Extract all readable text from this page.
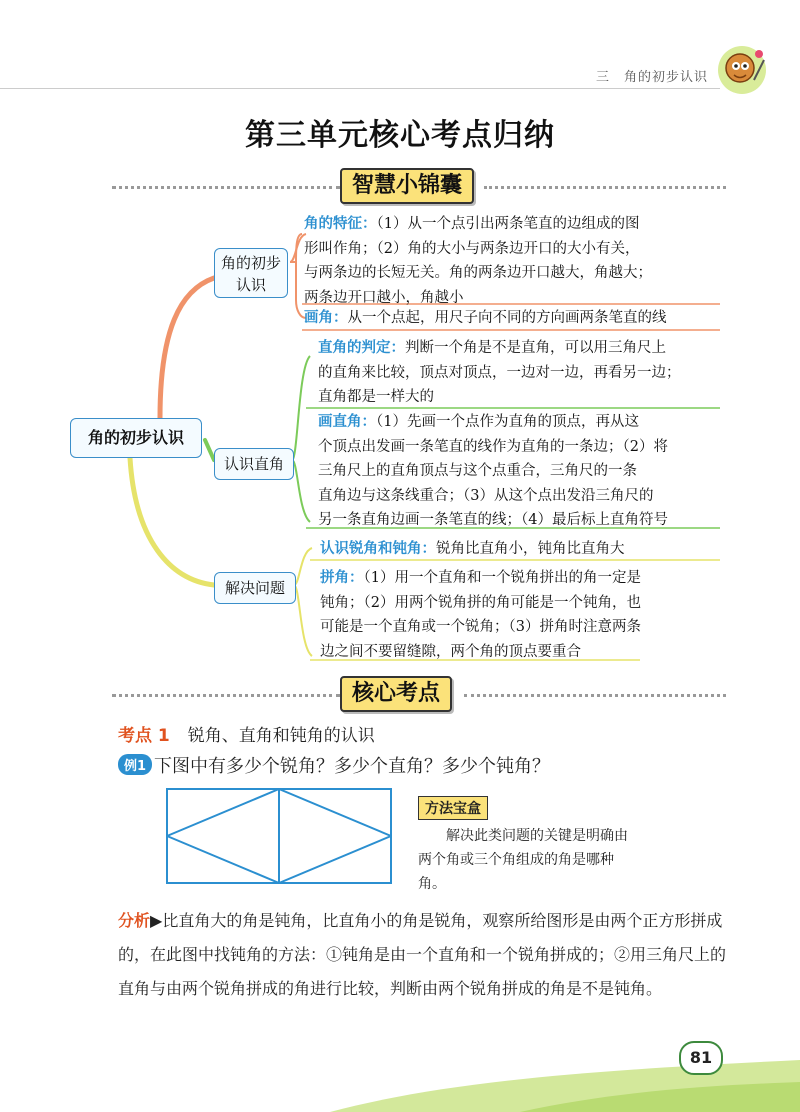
三　角的初步认识
第三单元核心考点归纳
智慧小锦囊
角的初步认识
角的初步认识
认识直角
解决问题
角的特征：（1）从一个点引出两条笔直的边组成的图
形叫作角；（2）角的大小与两条边开口的大小有关，
与两条边的长短无关。角的两条边开口越大，角越大；
两条边开口越小，角越小
画角：从一个点起，用尺子向不同的方向画两条笔直的线
直角的判定：判断一个角是不是直角，可以用三角尺上
的直角来比较，顶点对顶点，一边对一边，再看另一边；
直角都是一样大的
画直角：（1）先画一个点作为直角的顶点，再从这
个顶点出发画一条笔直的线作为直角的一条边；（2）将
三角尺上的直角顶点与这个点重合，三角尺的一条
直角边与这条线重合；（3）从这个点出发沿三角尺的
另一条直角边画一条笔直的线；（4）最后标上直角符号
认识锐角和钝角：锐角比直角小，钝角比直角大
拼角：（1）用一个直角和一个锐角拼出的角一定是
钝角；（2）用两个锐角拼的角可能是一个钝角，也
可能是一个直角或一个锐角；（3）拼角时注意两条
边之间不要留缝隙，两个角的顶点要重合
核心考点
考点 1 锐角、直角和钝角的认识
例1 下图中有多少个锐角？多少个直角？多少个钝角？
方法宝盒
　　解决此类问题的关键是明确由两个角或三个角组成的角是哪种角。
分析▶比直角大的角是钝角，比直角小的角是锐角，观察所给图形是由两个正方形拼成的，在此图中找钝角的方法：①钝角是由一个直角和一个锐角拼成的；②用三角尺上的直角与由两个锐角拼成的角进行比较，判断由两个锐角拼成的角是不是钝角。
81
